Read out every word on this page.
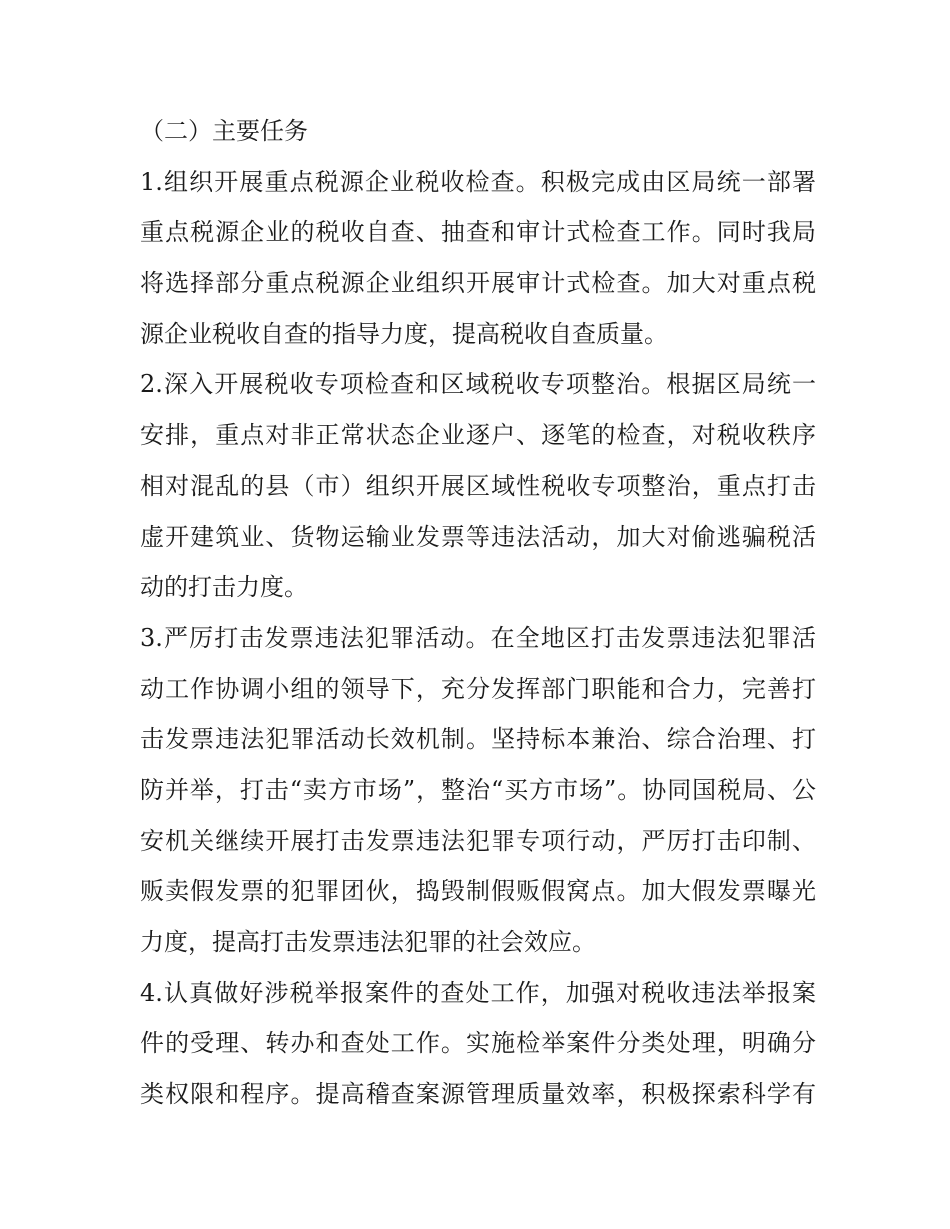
（二）主要任务
1.组织开展重点税源企业税收检查。积极完成由区局统一部署
重点税源企业的税收自查、抽查和审计式检查工作。同时我局
将选择部分重点税源企业组织开展审计式检查。加大对重点税
源企业税收自查的指导力度，提高税收自查质量。
2.深入开展税收专项检查和区域税收专项整治。根据区局统一
安排，重点对非正常状态企业逐户、逐笔的检查，对税收秩序
相对混乱的县（市）组织开展区域性税收专项整治，重点打击
虚开建筑业、货物运输业发票等违法活动，加大对偷逃骗税活
动的打击力度。
3.严厉打击发票违法犯罪活动。在全地区打击发票违法犯罪活
动工作协调小组的领导下，充分发挥部门职能和合力，完善打
击发票违法犯罪活动长效机制。坚持标本兼治、综合治理、打
防并举，打击“卖方市场”，整治“买方市场”。协同国税局、公
安机关继续开展打击发票违法犯罪专项行动，严厉打击印制、
贩卖假发票的犯罪团伙，捣毁制假贩假窝点。加大假发票曝光
力度，提高打击发票违法犯罪的社会效应。
4.认真做好涉税举报案件的查处工作，加强对税收违法举报案
件的受理、转办和查处工作。实施检举案件分类处理，明确分
类权限和程序。提高稽查案源管理质量效率，积极探索科学有
